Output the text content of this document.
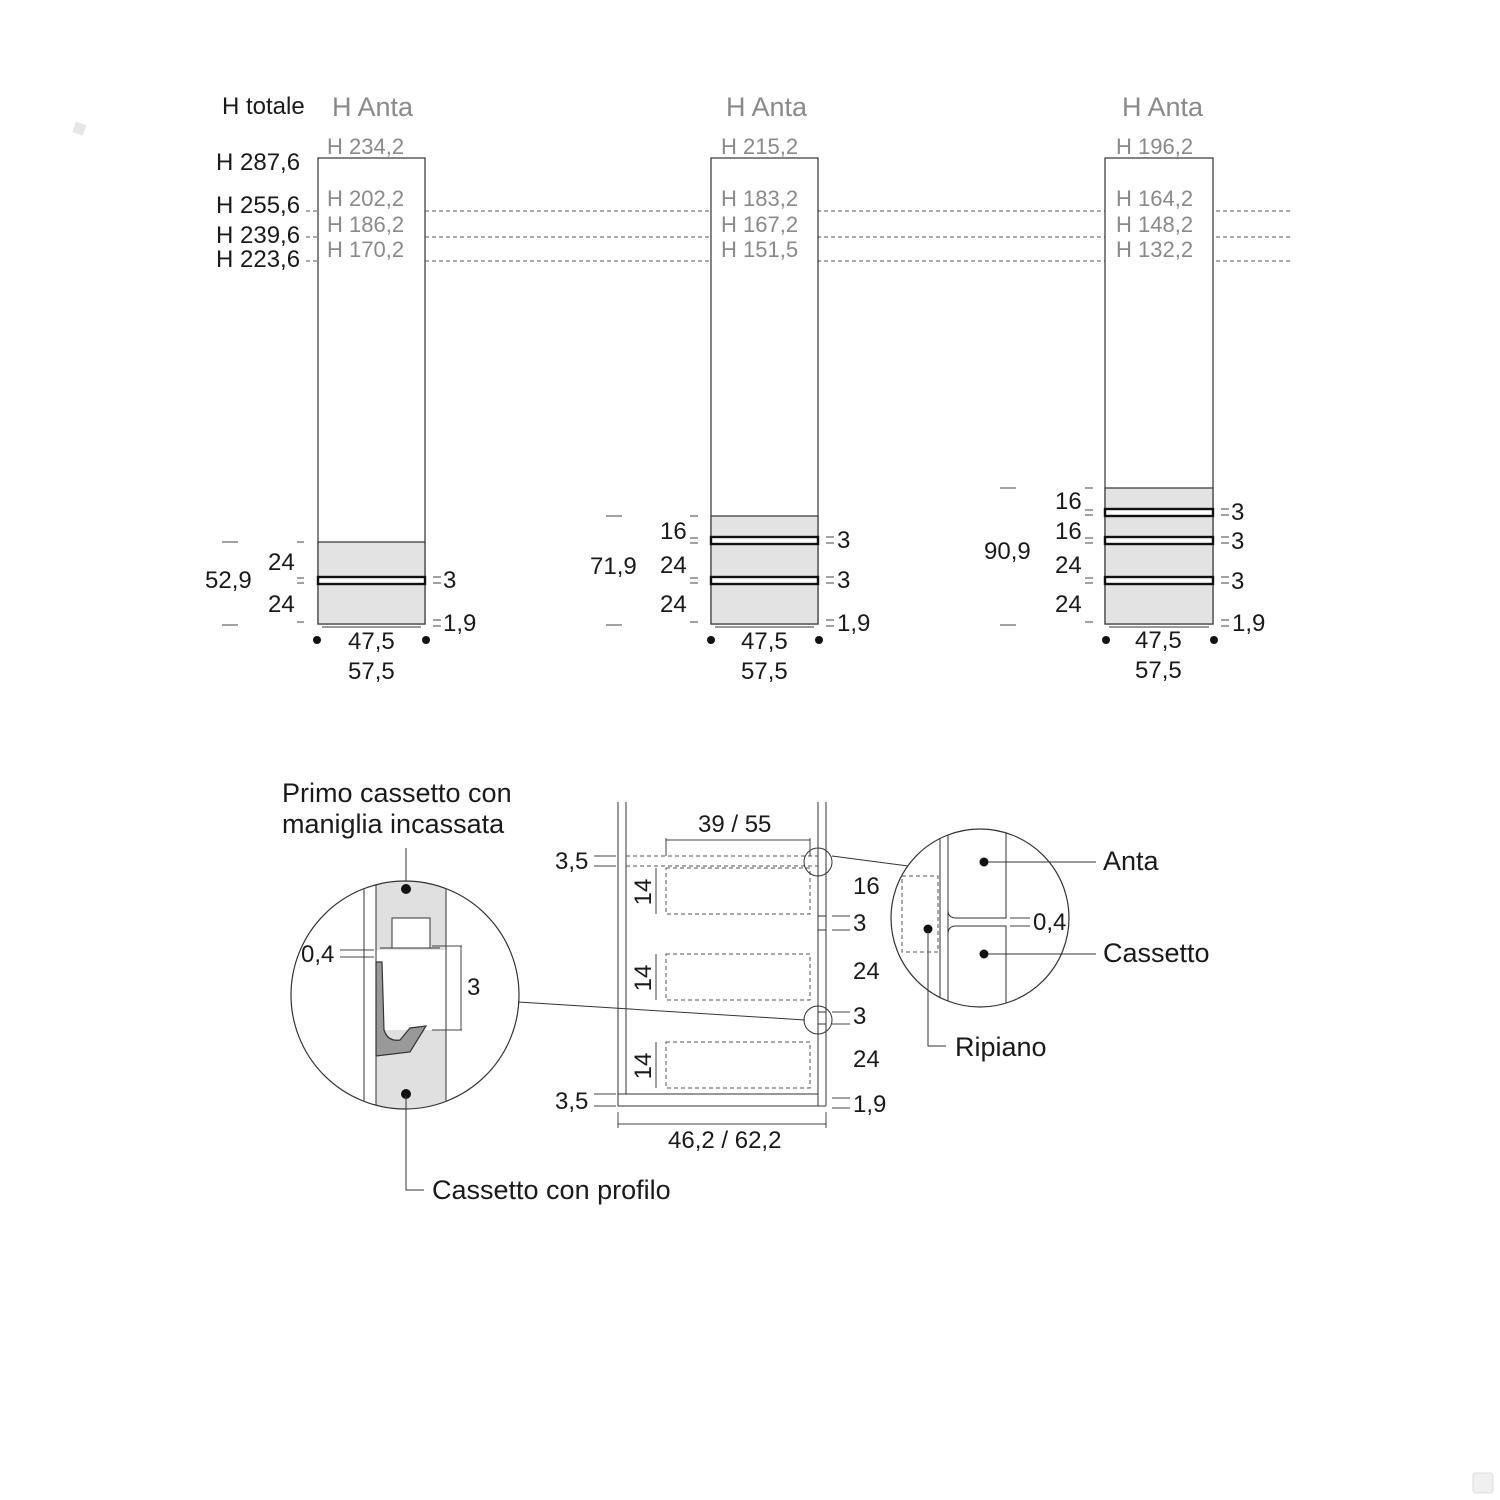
H totale H Anta	H Anta	H Anta
H 287,6
H 255,6
H 239,6
H 223,6
H 234,2
H 202,2
H 186,2
H 170,2
52,9
24
24
3
1,9
47,5
57,5
H 215,2
H 183,2
H 167,2
H 151,5
71,9
16
24
24
3
3
1,9
47,5
57,5
H 196,2
H 164,2
H 148,2
H 132,2
90,9
16
16
24
24
3
3
3
1,9
47,5
57,5
Primo cassetto con
maniglia incassata
0,4
3
Cassetto con profilo
39 / 55
46,2 / 62,2
3,5
3,5
14
14
14
16
3
24
3
24
1,9
Anta
Cassetto
Ripiano
0,4
